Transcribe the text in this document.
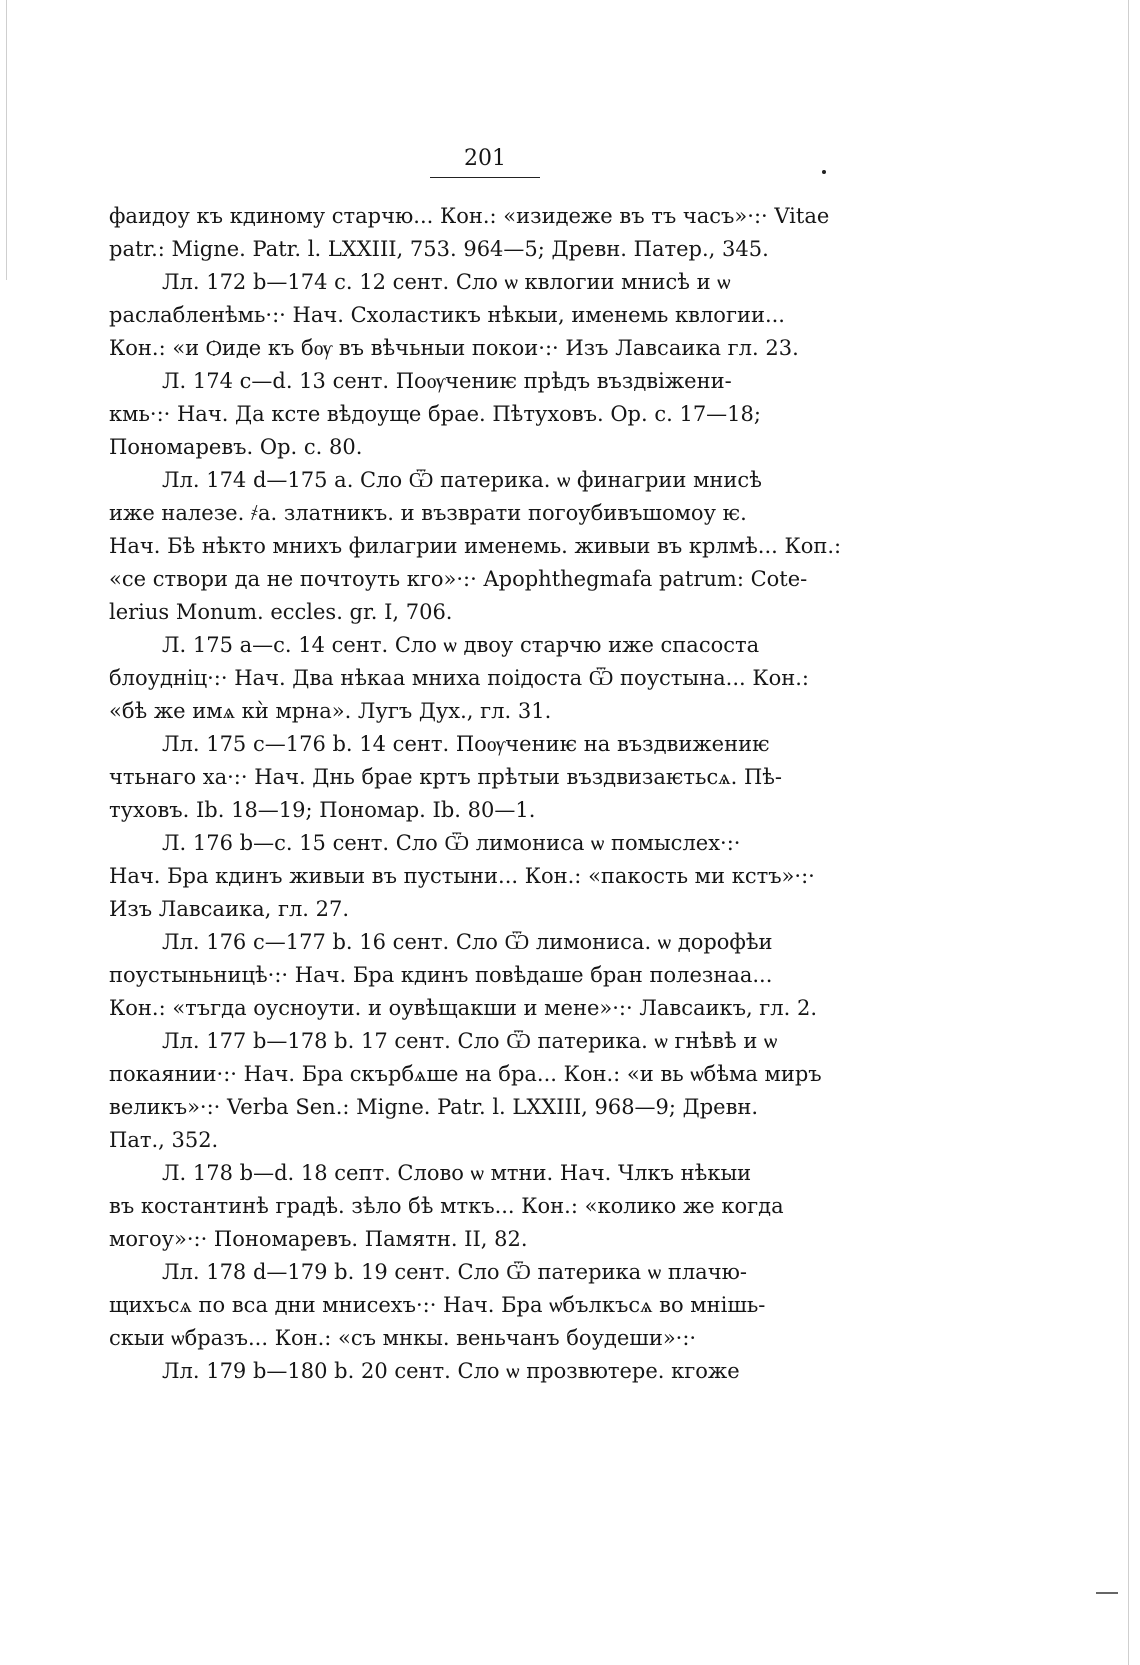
201
фаидоу къ кдиному старчю... Кон.: «изидеже въ тъ часъ»·:· Vitae
patr.: Migne. Patr. l. LXXIII, 753. 964—5; Древн. Патер., 345.
Лл. 172 b—174 c. 12 сент. Сло ѡ квлогии мнисѣ и ѡ
раслабленѣмь·:· Нач. Схоластикъ нѣкыи, именемь квлогии...
Кон.: «и Ѻиде къ бѹ въ вѣчьныи покои·:· Изъ Лавсаика гл. 23.
Л. 174 c—d. 13 сент. Поѹчениѥ прѣдъ въздвіжени-
кмь·:· Нач. Да ксте вѣдоуще брае. Пѣтуховъ. Ор. с. 17—18;
Пономаревъ. Ор. с. 80.
Лл. 174 d—175 a. Сло Ѿ патерика. ѡ финагрии мнисѣ
иже налезе. ҂а. златникъ. и възврати погоубивъшомоу ѥ.
Нач. Бѣ нѣкто мнихъ филагрии именемь. живыи въ крлмѣ... Коп.:
«се створи да не почтоуть кго»·:· Apophthegmafa patrum: Cote-
lerius Monum. eccles. gr. I, 706.
Л. 175 a—c. 14 сент. Сло ѡ двоу старчю иже спасоста
блоудніц·:· Нач. Два нѣкаа мниха поідоста Ѿ поустына... Кон.:
«бѣ же имѧ кѝ мрна». Лугъ Дух., гл. 31.
Лл. 175 c—176 b. 14 сент. Поѹчениѥ на въздвижениѥ
чтьнаго ха·:· Нач. Днь брае кртъ прѣтыи въздвизаѥтьсѧ. Пѣ-
туховъ. Ib. 18—19; Пономар. Ib. 80—1.
Л. 176 b—c. 15 сент. Сло Ѿ лимониса ѡ помыслех·:·
Нач. Бра кдинъ живыи въ пустыни... Кон.: «пакость ми кстъ»·:·
Изъ Лавсаика, гл. 27.
Лл. 176 c—177 b. 16 сент. Сло Ѿ лимониса. ѡ дорофѣи
поустыньницѣ·:· Нач. Бра кдинъ повѣдаше бран полезнаа...
Кон.: «тъгда оусноути. и оувѣщакши и мене»·:· Лавсаикъ, гл. 2.
Лл. 177 b—178 b. 17 сент. Сло Ѿ патерика. ѡ гнѣвѣ и ѡ
покаянии·:· Нач. Бра скърбѧше на бра... Кон.: «и вь ѡбѣма миръ
великъ»·:· Verba Sen.: Migne. Patr. l. LXXIII, 968—9; Древн.
Пат., 352.
Л. 178 b—d. 18 септ. Слово ѡ мтни. Нач. Члкъ нѣкыи
въ костантинѣ градѣ. зѣло бѣ мткъ... Кон.: «колико же когда
могоу»·:· Пономаревъ. Памятн. II, 82.
Лл. 178 d—179 b. 19 сент. Сло Ѿ патерика ѡ плачю-
щихъсѧ по вса дни мнисехъ·:· Нач. Бра ѡбълкъсѧ во мнішь-
скыи ѡбразъ... Кон.: «съ мнкы. веньчанъ боудеши»·:·
Лл. 179 b—180 b. 20 сент. Сло ѡ прозвютере. кгоже
